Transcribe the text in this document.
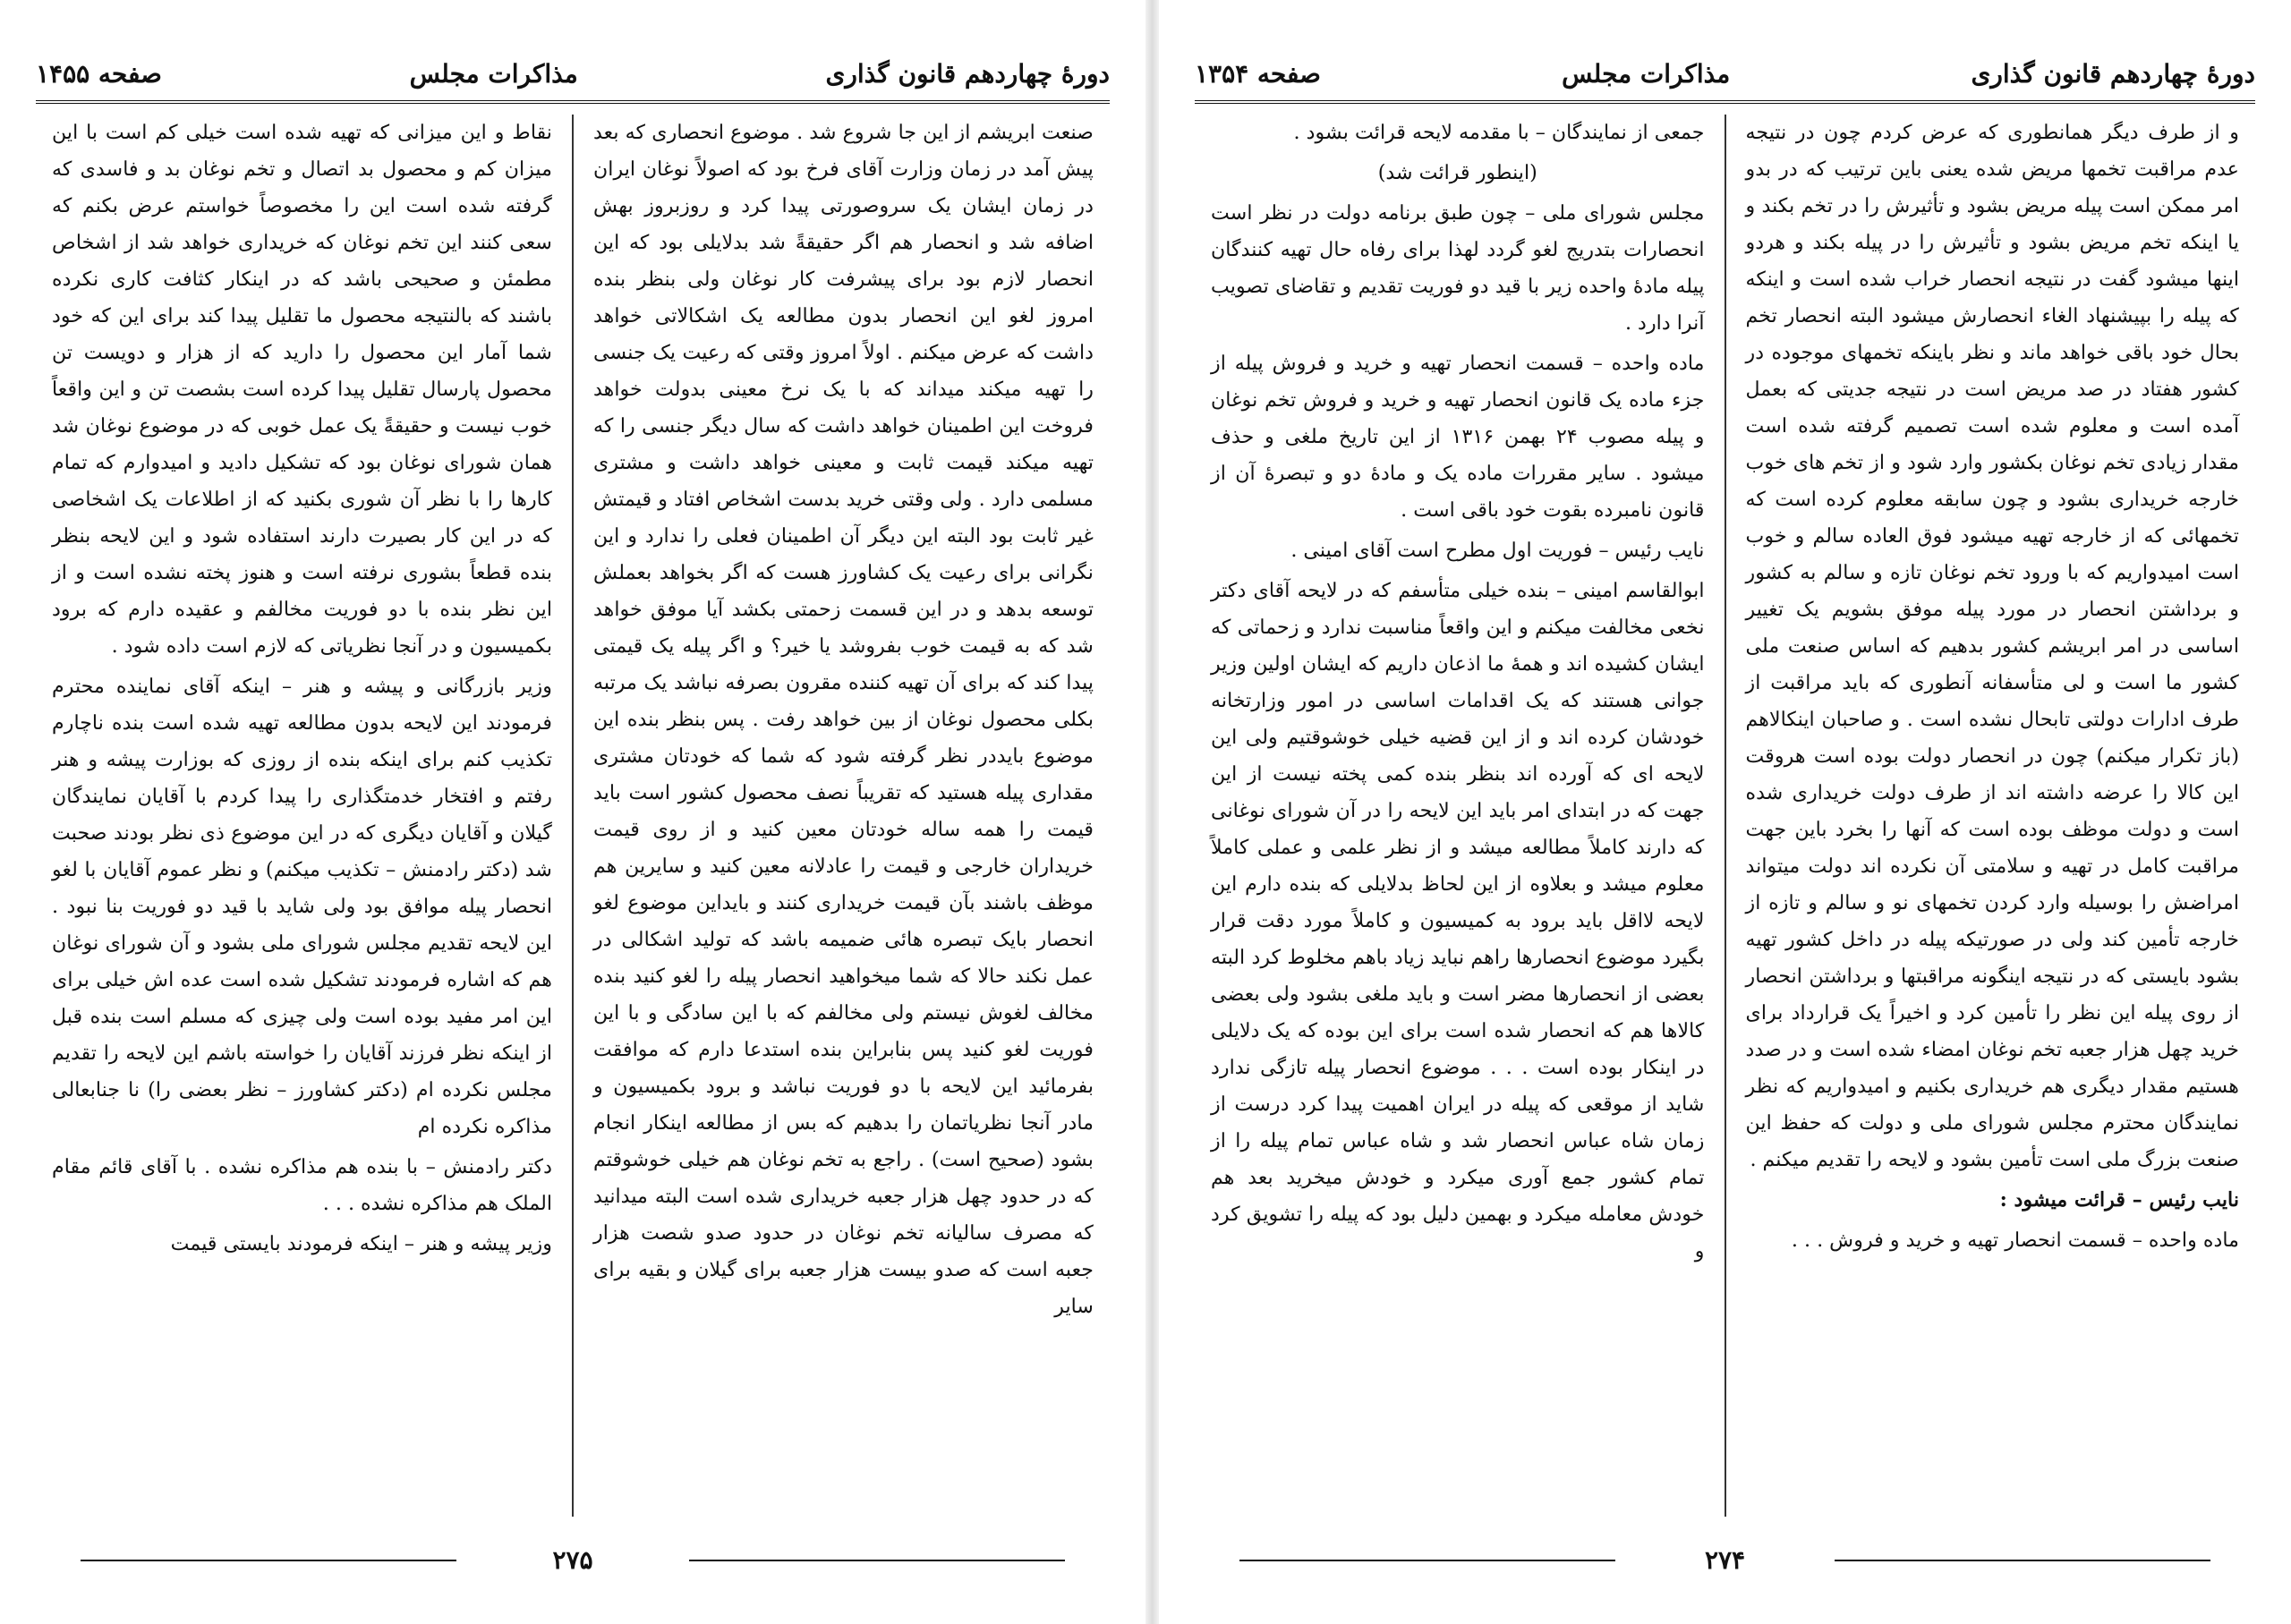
دورهٔ چهاردهم قانون گذاری
مذاکرات مجلس
صفحه ۱۴۵۵
صنعت ابریشم از این جا شروع شد . موضوع انحصاری که بعد پیش آمد در زمان وزارت آقای فرخ بود که اصولاً نوغان ایران در زمان ایشان یک سروصورتی پیدا کرد و روزبروز بهش اضافه شد و انحصار هم اگر حقیقةً شد بدلایلی بود که این انحصار لازم بود برای پیشرفت کار نوغان ولی بنظر بنده امروز لغو این انحصار بدون مطالعه یک اشکالاتی خواهد داشت که عرض میکنم . اولاً امروز وقتی که رعیت یک جنسی را تهیه میکند میداند که با یک نرخ معینی بدولت خواهد فروخت این اطمینان خواهد داشت که سال دیگر جنسی را که تهیه میکند قیمت ثابت و معینی خواهد داشت و مشتری مسلمی دارد . ولی وقتی خرید بدست اشخاص افتاد و قیمتش غیر ثابت بود البته این دیگر آن اطمینان فعلی را ندارد و این نگرانی برای رعیت یک کشاورز هست که اگر بخواهد بعملش توسعه بدهد و در این قسمت زحمتی بکشد آیا موفق خواهد شد که به قیمت خوب بفروشد یا خیر؟ و اگر پیله یک قیمتی پیدا کند که برای آن تهیه کننده مقرون بصرفه نباشد یک مرتبه بکلی محصول نوغان از بین خواهد رفت . پس بنظر بنده این موضوع بایددر نظر گرفته شود که شما که خودتان مشتری مقداری پیله هستید که تقریباً نصف محصول کشور است باید قیمت را همه ساله خودتان معین کنید و از روی قیمت خریداران خارجی و قیمت را عادلانه معین کنید و سایرین هم موظف باشند بآن قیمت خریداری کنند و بایداین موضوع لغو انحصار بایک تبصره هائی ضمیمه باشد که تولید اشکالی در عمل نکند حالا که شما میخواهید انحصار پیله را لغو کنید بنده مخالف لغوش نیستم ولی مخالفم که با این سادگی و با این فوریت لغو کنید پس بنابراین بنده استدعا دارم که موافقت بفرمائید این لایحه با دو فوریت نباشد و برود بکمیسیون و مادر آنجا نظریاتمان را بدهیم که بس از مطالعه اینکار انجام بشود (صحیح است) . راجع به تخم نوغان هم خیلی خوشوقتم که در حدود چهل هزار جعبه خریداری شده است البته میدانید که مصرف سالیانه تخم نوغان در حدود صدو شصت هزار جعبه است که صدو بیست هزار جعبه برای گیلان و بقیه برای سایر
نقاط و این میزانی که تهیه شده است خیلی کم است با این میزان کم و محصول بد اتصال و تخم نوغان بد و فاسدی که گرفته شده است این را مخصوصاً خواستم عرض بکنم که سعی کنند این تخم نوغان که خریداری خواهد شد از اشخاص مطمئن و صحیحی باشد که در اینکار کثافت کاری نکرده باشند که بالنتیجه محصول ما تقلیل پیدا کند برای این که خود شما آمار این محصول را دارید که از هزار و دویست تن محصول پارسال تقلیل پیدا کرده است بشصت تن و این واقعاً خوب نیست و حقیقةً یک عمل خوبی که در موضوع نوغان شد همان شورای نوغان بود که تشکیل دادید و امیدوارم که تمام کارها را با نظر آن شوری بکنید که از اطلاعات یک اشخاصی که در این کار بصیرت دارند استفاده شود و این لایحه بنظر بنده قطعاً بشوری نرفته است و هنوز پخته نشده است و از این نظر بنده با دو فوریت مخالفم و عقیده دارم که برود بکمیسیون و در آنجا نظریاتی که لازم است داده شود .
وزیر بازرگانی و پیشه و هنر – اینکه آقای نماینده محترم فرمودند این لایحه بدون مطالعه تهیه شده است بنده ناچارم تکذیب کنم برای اینکه بنده از روزی که بوزارت پیشه و هنر رفتم و افتخار خدمتگذاری را پیدا کردم با آقایان نمایندگان گیلان و آقایان دیگری که در این موضوع ذی نظر بودند صحبت شد (دکتر رادمنش – تکذیب میکنم) و نظر عموم آقایان با لغو انحصار پیله موافق بود ولی شاید با قید دو فوریت بنا نبود . این لایحه تقدیم مجلس شورای ملی بشود و آن شورای نوغان هم که اشاره فرمودند تشکیل شده است عده اش خیلی برای این امر مفید بوده است ولی چیزی که مسلم است بنده قبل از اینکه نظر فرزند آقایان را خواسته باشم این لایحه را تقدیم مجلس نکرده ام (دکتر کشاورز – نظر بعضی را) نا جنابعالی مذاکره نکرده ام
دکتر رادمنش – با بنده هم مذاکره نشده . با آقای قائم مقام الملک هم مذاکره نشده . . .
وزیر پیشه و هنر – اینکه فرمودند بایستی قیمت
۲۷۵
دورهٔ چهاردهم قانون گذاری
مذاکرات مجلس
صفحه ۱۳۵۴
و از طرف دیگر همانطوری که عرض کردم چون در نتیجه عدم مراقبت تخمها مریض شده یعنی باین ترتیب که در بدو امر ممکن است پیله مریض بشود و تأثیرش را در تخم بکند و یا اینکه تخم مریض بشود و تأثیرش را در پیله بکند و هردو اینها میشود گفت در نتیجه انحصار خراب شده است و اینکه که پیله را بپیشنهاد الغاء انحصارش میشود البته انحصار تخم بحال خود باقی خواهد ماند و نظر باینکه تخمهای موجوده در کشور هفتاد در صد مریض است در نتیجه جدیتی که بعمل آمده است و معلوم شده است تصمیم گرفته شده است مقدار زیادی تخم نوغان بکشور وارد شود و از تخم های خوب خارجه خریداری بشود و چون سابقه معلوم کرده است که تخمهائی که از خارجه تهیه میشود فوق العاده سالم و خوب است امیدواریم که با ورود تخم نوغان تازه و سالم به کشور و برداشتن انحصار در مورد پیله موفق بشویم یک تغییر اساسی در امر ابریشم کشور بدهیم که اساس صنعت ملی کشور ما است و لی متأسفانه آنطوری که باید مراقبت از طرف ادارات دولتی تابحال نشده است . و صاحبان اینکالاهم (باز تکرار میکنم) چون در انحصار دولت بوده است هروقت این کالا را عرضه داشته اند از طرف دولت خریداری شده است و دولت موظف بوده است که آنها را بخرد باین جهت مراقبت کامل در تهیه و سلامتی آن نکرده اند دولت میتواند امراضش را بوسیله وارد کردن تخمهای نو و سالم و تازه از خارجه تأمین کند ولی در صورتیکه پیله در داخل کشور تهیه بشود بایستی که در نتیجه اینگونه مراقبتها و برداشتن انحصار از روی پیله این نظر را تأمین کرد و اخیراً یک قرارداد برای خرید چهل هزار جعبه تخم نوغان امضاء شده است و در صدد هستیم مقدار دیگری هم خریداری بکنیم و امیدواریم که نظر نمایندگان محترم مجلس شورای ملی و دولت که حفظ این صنعت بزرگ ملی است تأمین بشود و لایحه را تقدیم میکنم .
نایب رئیس – قرائت میشود :
ماده واحده – قسمت انحصار تهیه و خرید و فروش . . .
جمعی از نمایندگان – با مقدمه لایحه قرائت بشود .
(اینطور قرائت شد)
مجلس شورای ملی – چون طبق برنامه دولت در نظر است انحصارات بتدریج لغو گردد لهذا برای رفاه حال تهیه کنندگان پیله مادهٔ واحده زیر با قید دو فوریت تقدیم و تقاضای تصویب آنرا دارد .
ماده واحده – قسمت انحصار تهیه و خرید و فروش پیله از جزء ماده یک قانون انحصار تهیه و خرید و فروش تخم نوغان و پیله مصوب ۲۴ بهمن ۱۳۱۶ از این تاریخ ملغی و حذف میشود . سایر مقررات ماده یک و مادهٔ دو و تبصرهٔ آن از قانون نامبرده بقوت خود باقی است .
نایب رئیس – فوریت اول مطرح است آقای امینی .
ابوالقاسم امینی – بنده خیلی متأسفم که در لایحه آقای دکتر نخعی مخالفت میکنم و این واقعاً مناسبت ندارد و زحماتی که ایشان کشیده اند و همهٔ ما اذعان داریم که ایشان اولین وزیر جوانی هستند که یک اقدامات اساسی در امور وزارتخانه خودشان کرده اند و از این قضیه خیلی خوشوقتیم ولی این لایحه ای که آورده اند بنظر بنده کمی پخته نیست از این جهت که در ابتدای امر باید این لایحه را در آن شورای نوغانی که دارند کاملاً مطالعه میشد و از نظر علمی و عملی کاملاً معلوم میشد و بعلاوه از این لحاظ بدلایلی که بنده دارم این لایحه لااقل باید برود به کمیسیون و کاملاً مورد دقت قرار بگیرد موضوع انحصارها راهم نباید زیاد باهم مخلوط کرد البته بعضی از انحصارها مضر است و باید ملغی بشود ولی بعضی کالاها هم که انحصار شده است برای این بوده که یک دلایلی در اینکار بوده است . . . موضوع انحصار پیله تازگی ندارد شاید از موقعی که پیله در ایران اهمیت پیدا کرد درست از زمان شاه عباس انحصار شد و شاه عباس تمام پیله را از تمام کشور جمع آوری میکرد و خودش میخرید بعد هم خودش معامله میکرد و بهمین دلیل بود که پیله را تشویق کرد و
۲۷۴
